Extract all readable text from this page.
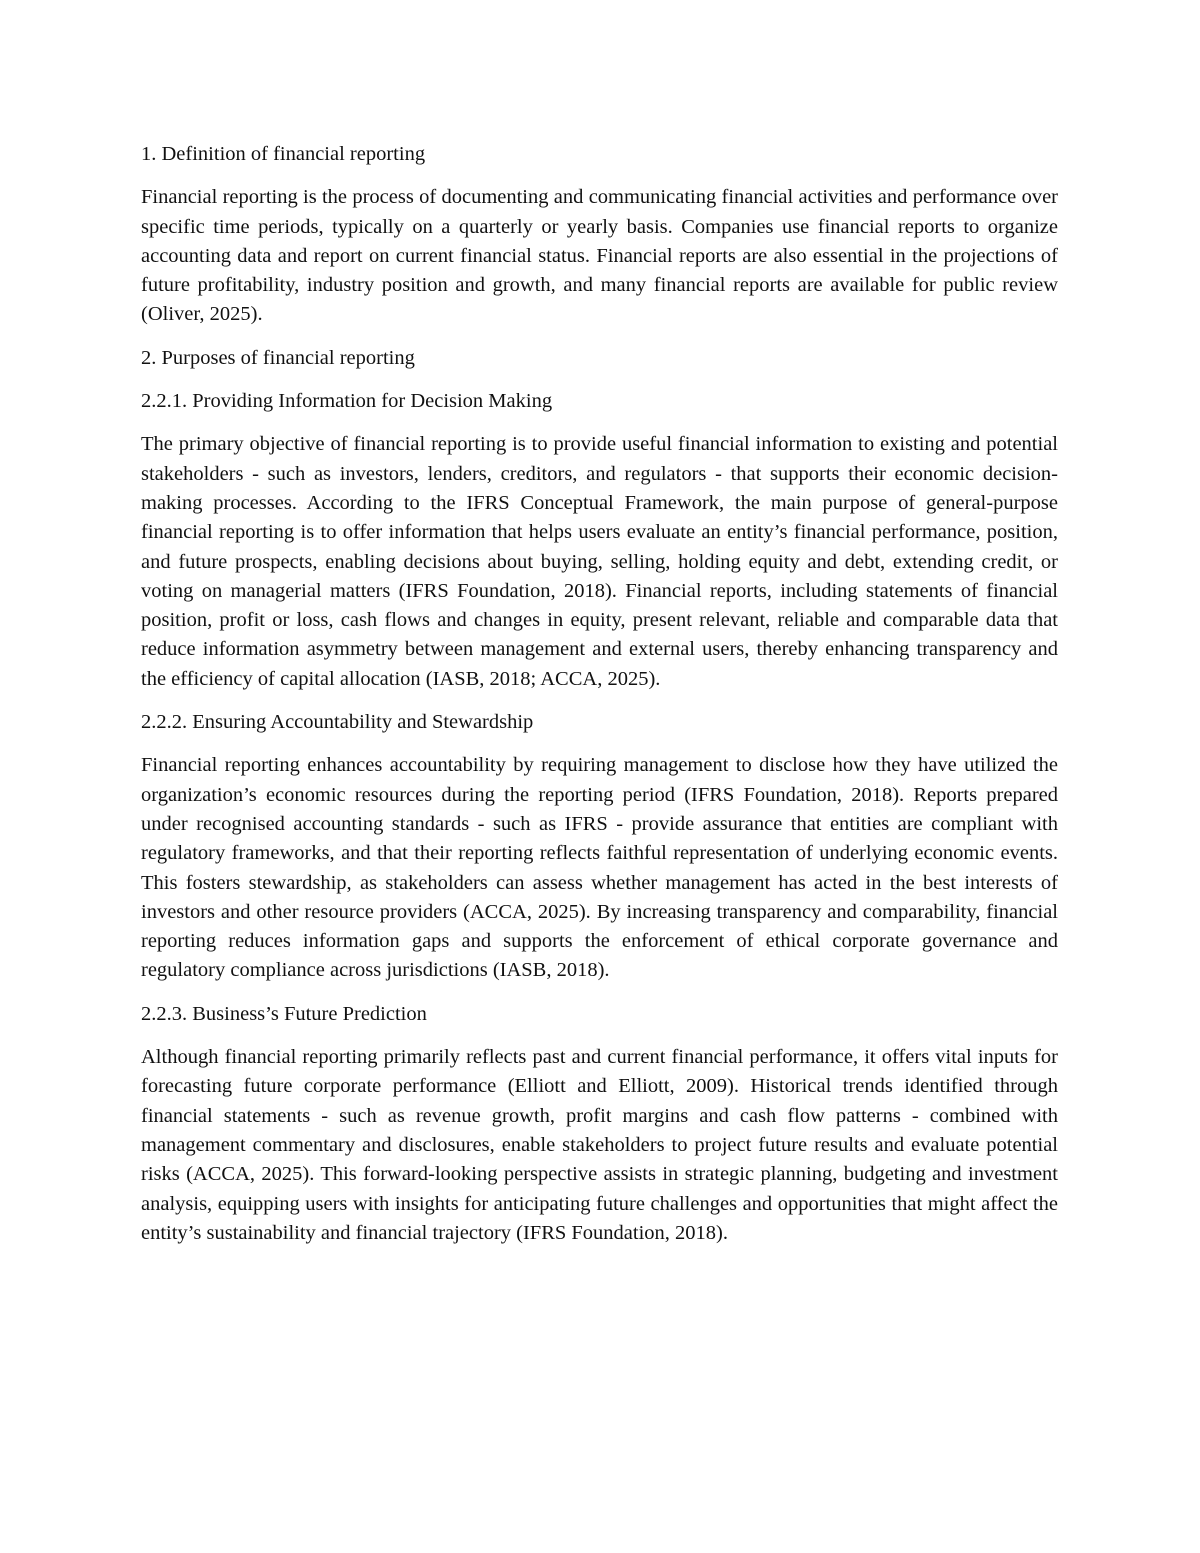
1. Definition of financial reporting

Financial reporting is the process of documenting and communicating financial activities and performance over specific time periods, typically on a quarterly or yearly basis. Companies use financial reports to organize accounting data and report on current financial status. Financial reports are also essential in the projections of future profitability, industry position and growth, and many financial reports are available for public review (Oliver, 2025).

2. Purposes of financial reporting

2.2.1. Providing Information for Decision Making

The primary objective of financial reporting is to provide useful financial information to existing and potential stakeholders - such as investors, lenders, creditors, and regulators - that supports their economic decision-making processes. According to the IFRS Conceptual Framework, the main purpose of general-purpose financial reporting is to offer information that helps users evaluate an entity’s financial performance, position, and future prospects, enabling decisions about buying, selling, holding equity and debt, extending credit, or voting on managerial matters (IFRS Foundation, 2018). Financial reports, including statements of financial position, profit or loss, cash flows and changes in equity, present relevant, reliable and comparable data that reduce information asymmetry between management and external users, thereby enhancing transparency and the efficiency of capital allocation (IASB, 2018; ACCA, 2025).

2.2.2. Ensuring Accountability and Stewardship

Financial reporting enhances accountability by requiring management to disclose how they have utilized the organization’s economic resources during the reporting period (IFRS Foundation, 2018). Reports prepared under recognised accounting standards - such as IFRS - provide assurance that entities are compliant with regulatory frameworks, and that their reporting reflects faithful representation of underlying economic events. This fosters stewardship, as stakeholders can assess whether management has acted in the best interests of investors and other resource providers (ACCA, 2025). By increasing transparency and comparability, financial reporting reduces information gaps and supports the enforcement of ethical corporate governance and regulatory compliance across jurisdictions (IASB, 2018).

2.2.3. Business’s Future Prediction

Although financial reporting primarily reflects past and current financial performance, it offers vital inputs for forecasting future corporate performance (Elliott and Elliott, 2009). Historical trends identified through financial statements - such as revenue growth, profit margins and cash flow patterns - combined with management commentary and disclosures, enable stakeholders to project future results and evaluate potential risks (ACCA, 2025). This forward-looking perspective assists in strategic planning, budgeting and investment analysis, equipping users with insights for anticipating future challenges and opportunities that might affect the entity’s sustainability and financial trajectory (IFRS Foundation, 2018).
